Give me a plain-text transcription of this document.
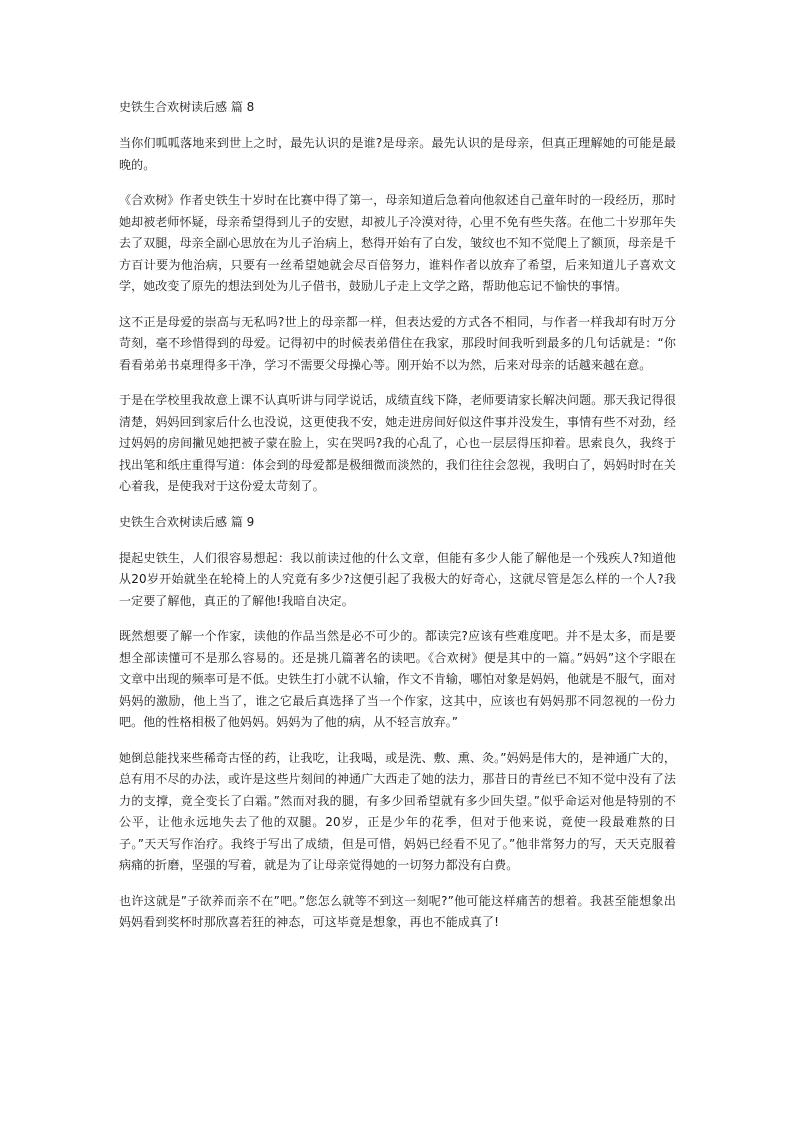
史铁生合欢树读后感 篇 8

当你们呱呱落地来到世上之时，最先认识的是谁?是母亲。最先认识的是母亲，但真正理解她的可能是最晚的。

《合欢树》作者史铁生十岁时在比赛中得了第一，母亲知道后急着向他叙述自己童年时的一段经历，那时她却被老师怀疑，母亲希望得到儿子的安慰，却被儿子冷漠对待，心里不免有些失落。在他二十岁那年失去了双腿，母亲全副心思放在为儿子治病上，愁得开始有了白发，皱纹也不知不觉爬上了额顶，母亲是千方百计要为他治病，只要有一丝希望她就会尽百倍努力，谁料作者以放弃了希望，后来知道儿子喜欢文学，她改变了原先的想法到处为儿子借书，鼓励儿子走上文学之路，帮助他忘记不愉快的事情。

这不正是母爱的崇高与无私吗?世上的母亲都一样，但表达爱的方式各不相同，与作者一样我却有时万分苛刻，毫不珍惜得到的母爱。记得初中的时候表弟借住在我家，那段时间我听到最多的几句话就是：“你看看弟弟书桌理得多干净，学习不需要父母操心等。刚开始不以为然，后来对母亲的话越来越在意。

于是在学校里我故意上课不认真听讲与同学说话，成绩直线下降，老师要请家长解决问题。那天我记得很清楚，妈妈回到家后什么也没说，这更使我不安，她走进房间好似这件事并没发生，事情有些不对劲，经过妈妈的房间撇见她把被子蒙在脸上，实在哭吗?我的心乱了，心也一层层得压抑着。思索良久，我终于找出笔和纸庄重得写道：体会到的母爱都是极细微而淡然的，我们往往会忽视，我明白了，妈妈时时在关心着我，是使我对于这份爱太苛刻了。

史铁生合欢树读后感 篇 9

提起史铁生，人们很容易想起：我以前读过他的什么文章，但能有多少人能了解他是一个残疾人?知道他从20岁开始就坐在轮椅上的人究竟有多少?这便引起了我极大的好奇心，这就尽管是怎么样的一个人?我一定要了解他，真正的了解他!我暗自决定。

既然想要了解一个作家，读他的作品当然是必不可少的。都读完?应该有些难度吧。并不是太多，而是要想全部读懂可不是那么容易的。还是挑几篇著名的读吧。《合欢树》便是其中的一篇。”妈妈”这个字眼在文章中出现的频率可是不低。史铁生打小就不认输，作文不肯输，哪怕对象是妈妈，他就是不服气，面对妈妈的激励，他上当了，谁之它最后真选择了当一个作家，这其中，应该也有妈妈那不同忽视的一份力吧。他的性格相极了他妈妈。妈妈为了他的病，从不轻言放弃。”

她倒总能找来些稀奇古怪的药，让我吃，让我喝，或是洗、敷、熏、灸。”妈妈是伟大的，是神通广大的，总有用不尽的办法，或许是这些片刻间的神通广大西走了她的法力，那昔日的青丝已不知不觉中没有了法力的支撑，竟全变长了白霜。”然而对我的腿，有多少回希望就有多少回失望。”似乎命运对他是特别的不公平，让他永远地失去了他的双腿。20岁，正是少年的花季，但对于他来说，竟使一段最难熬的日子。”天天写作治疗。我终于写出了成绩，但是可惜，妈妈已经看不见了。”他非常努力的写，天天克服着病痛的折磨，坚强的写着，就是为了让母亲觉得她的一切努力都没有白费。

也许这就是”子欲养而亲不在”吧。”您怎么就等不到这一刻呢?”他可能这样痛苦的想着。我甚至能想象出妈妈看到奖杯时那欣喜若狂的神态，可这毕竟是想象，再也不能成真了!
